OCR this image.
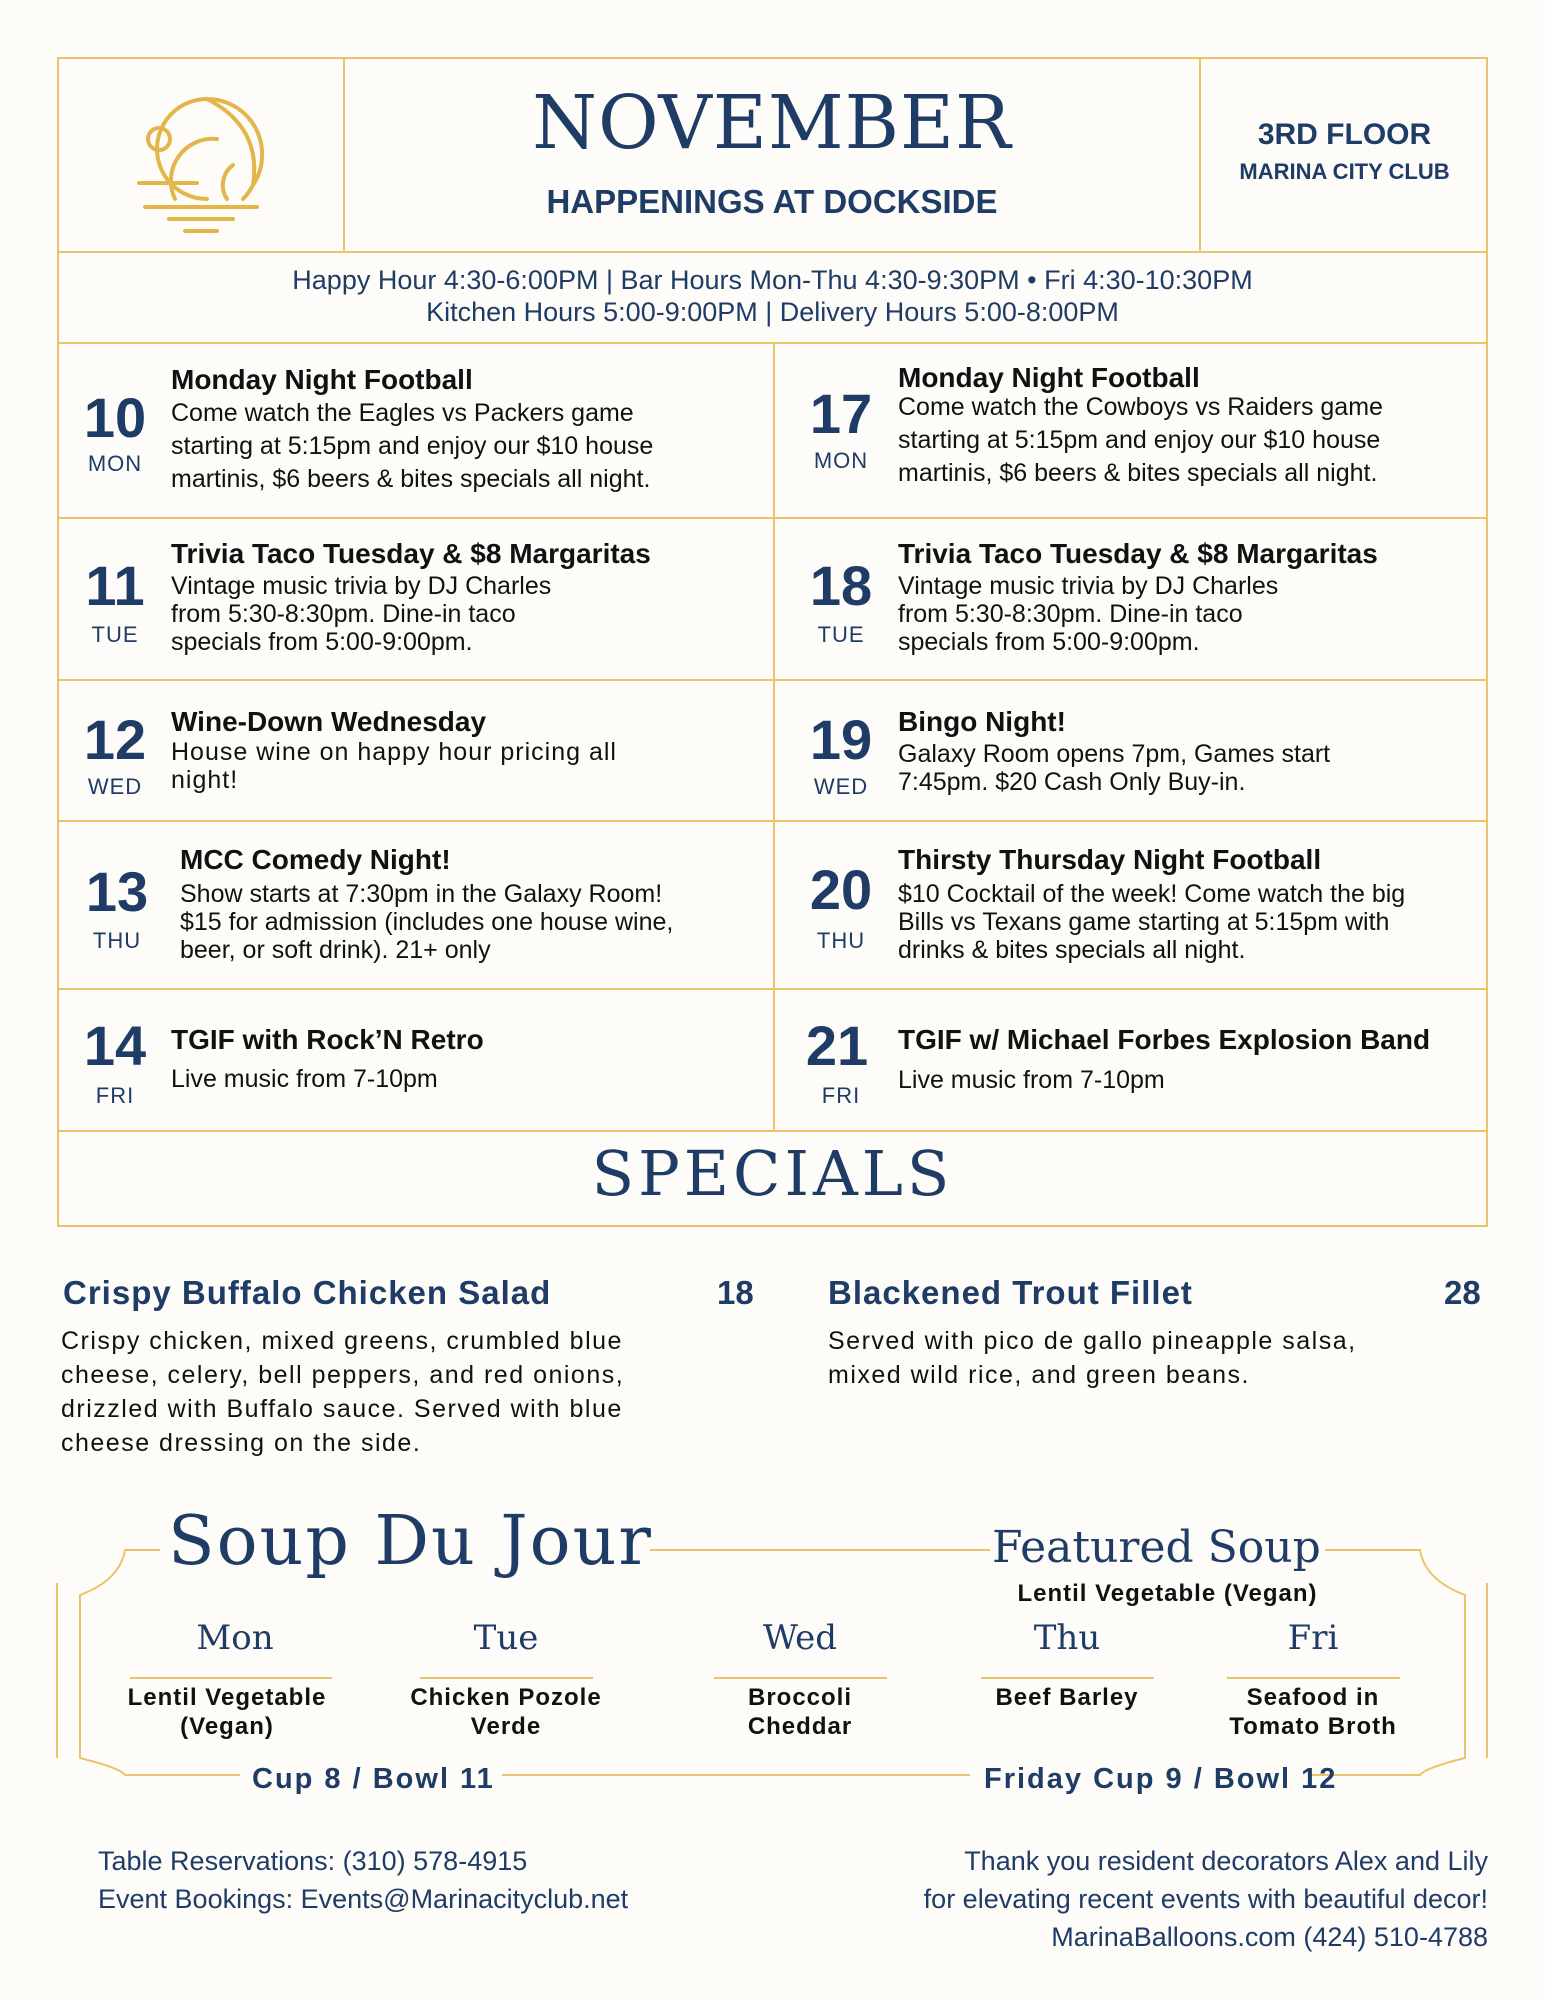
NOVEMBER
HAPPENINGS AT DOCKSIDE
3RD FLOOR
MARINA CITY CLUB
Happy Hour 4:30-6:00PM | Bar Hours Mon-Thu 4:30-9:30PM • Fri 4:30-10:30PM
Kitchen Hours 5:00-9:00PM | Delivery Hours 5:00-8:00PM
10
MON
Monday Night Football
Come watch the Eagles vs Packers game
starting at 5:15pm and enjoy our $10 house
martinis, $6 beers & bites specials all night.
11
TUE
Trivia Taco Tuesday & $8 Margaritas
Vintage music trivia by DJ Charles
from 5:30-8:30pm. Dine-in taco
specials from 5:00-9:00pm.
12
WED
Wine-Down Wednesday
House wine on happy hour pricing all
night!
13
THU
MCC Comedy Night!
Show starts at 7:30pm in the Galaxy Room!
$15 for admission (includes one house wine,
beer, or soft drink). 21+ only
14
FRI
TGIF with Rock’N Retro
Live music from 7-10pm
17
MON
Monday Night Football
Come watch the Cowboys vs Raiders game
starting at 5:15pm and enjoy our $10 house
martinis, $6 beers & bites specials all night.
18
TUE
Trivia Taco Tuesday & $8 Margaritas
Vintage music trivia by DJ Charles
from 5:30-8:30pm. Dine-in taco
specials from 5:00-9:00pm.
19
WED
Bingo Night!
Galaxy Room opens 7pm, Games start
7:45pm. $20 Cash Only Buy-in.
20
THU
Thirsty Thursday Night Football
$10 Cocktail of the week! Come watch the big
Bills vs Texans game starting at 5:15pm with
drinks & bites specials all night.
21
FRI
TGIF w/ Michael Forbes Explosion Band
Live music from 7-10pm
SPECIALS
Crispy Buffalo Chicken Salad	18
Crispy chicken, mixed greens, crumbled blue
cheese, celery, bell peppers, and red onions,
drizzled with Buffalo sauce. Served with blue
cheese dressing on the side.
Blackened Trout Fillet	28
Served with pico de gallo pineapple salsa,
mixed wild rice, and green beans.
Soup Du Jour	Featured Soup
Lentil Vegetable (Vegan)
Mon
Lentil Vegetable
(Vegan)
Tue
Chicken Pozole
Verde
Wed
Broccoli
Cheddar
Thu
Beef Barley
Fri
Seafood in
Tomato Broth
Cup 8 / Bowl 11	Friday Cup 9 / Bowl 12
Table Reservations: (310) 578-4915
Event Bookings: Events@Marinacityclub.net
Thank you resident decorators Alex and Lily
for elevating recent events with beautiful decor!
MarinaBalloons.com (424) 510-4788
